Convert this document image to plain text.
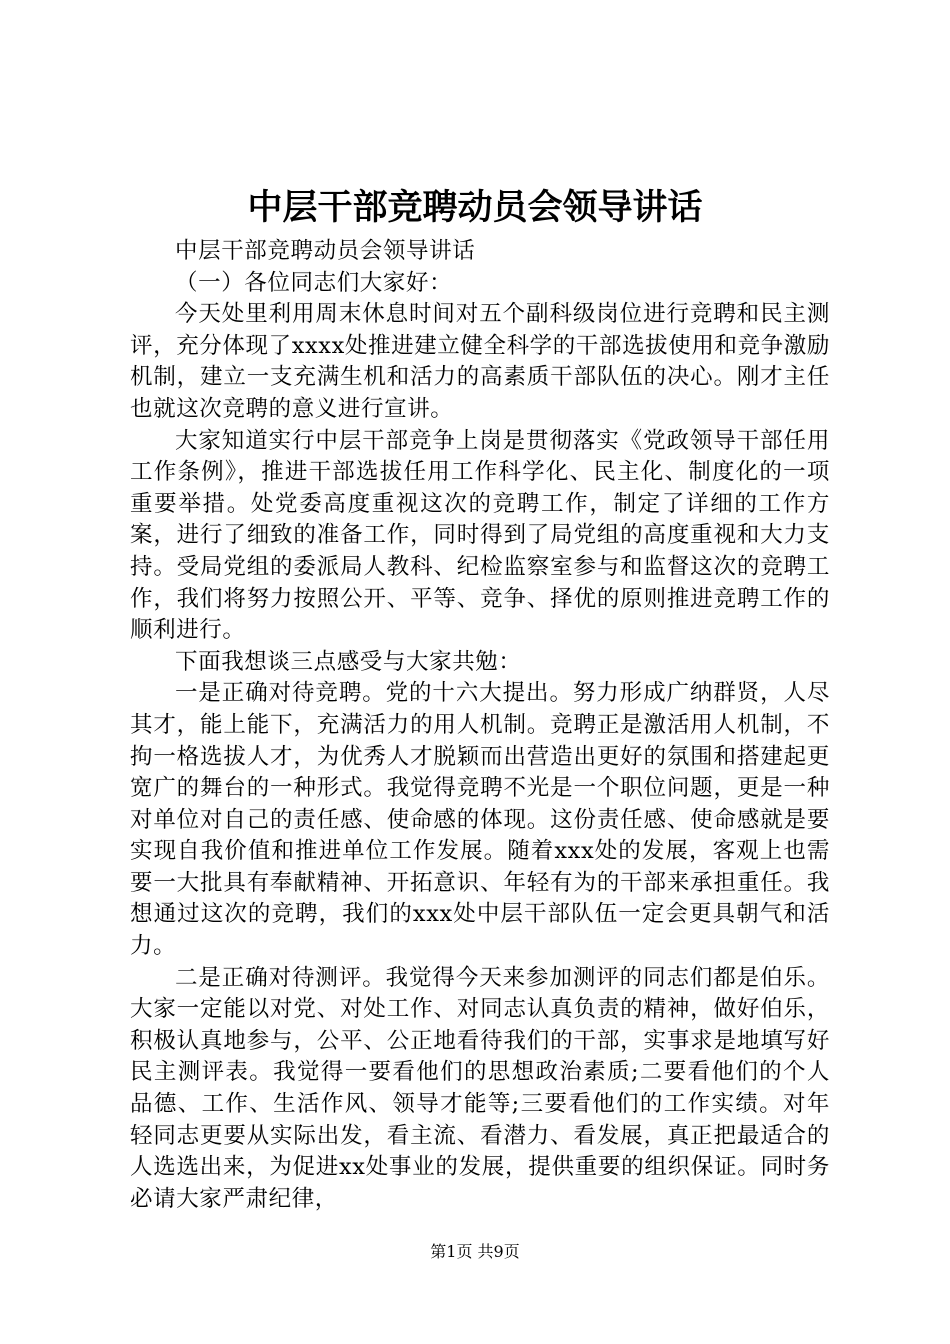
中层干部竞聘动员会领导讲话

中层干部竞聘动员会领导讲话

（一）各位同志们大家好：

今天处里利用周末休息时间对五个副科级岗位进行竞聘和民主测评，充分体现了xxxx处推进建立健全科学的干部选拔使用和竞争激励机制，建立一支充满生机和活力的高素质干部队伍的决心。刚才主任也就这次竞聘的意义进行宣讲。

大家知道实行中层干部竞争上岗是贯彻落实《党政领导干部任用工作条例》，推进干部选拔任用工作科学化、民主化、制度化的一项重要举措。处党委高度重视这次的竞聘工作，制定了详细的工作方案，进行了细致的准备工作，同时得到了局党组的高度重视和大力支持。受局党组的委派局人教科、纪检监察室参与和监督这次的竞聘工作，我们将努力按照公开、平等、竞争、择优的原则推进竞聘工作的顺利进行。

下面我想谈三点感受与大家共勉：

一是正确对待竞聘。党的十六大提出。努力形成广纳群贤，人尽其才，能上能下，充满活力的用人机制。竞聘正是激活用人机制，不拘一格选拔人才，为优秀人才脱颖而出营造出更好的氛围和搭建起更宽广的舞台的一种形式。我觉得竞聘不光是一个职位问题，更是一种对单位对自己的责任感、使命感的体现。这份责任感、使命感就是要实现自我价值和推进单位工作发展。随着xxx处的发展，客观上也需要一大批具有奉献精神、开拓意识、年轻有为的干部来承担重任。我想通过这次的竞聘，我们的xxx处中层干部队伍一定会更具朝气和活力。

二是正确对待测评。我觉得今天来参加测评的同志们都是伯乐。大家一定能以对党、对处工作、对同志认真负责的精神，做好伯乐，积极认真地参与，公平、公正地看待我们的干部，实事求是地填写好民主测评表。我觉得一要看他们的思想政治素质;二要看他们的个人品德、工作、生活作风、领导才能等;三要看他们的工作实绩。对年轻同志更要从实际出发，看主流、看潜力、看发展，真正把最适合的人选选出来，为促进xx处事业的发展，提供重要的组织保证。同时务必请大家严肃纪律，

第1页 共9页
